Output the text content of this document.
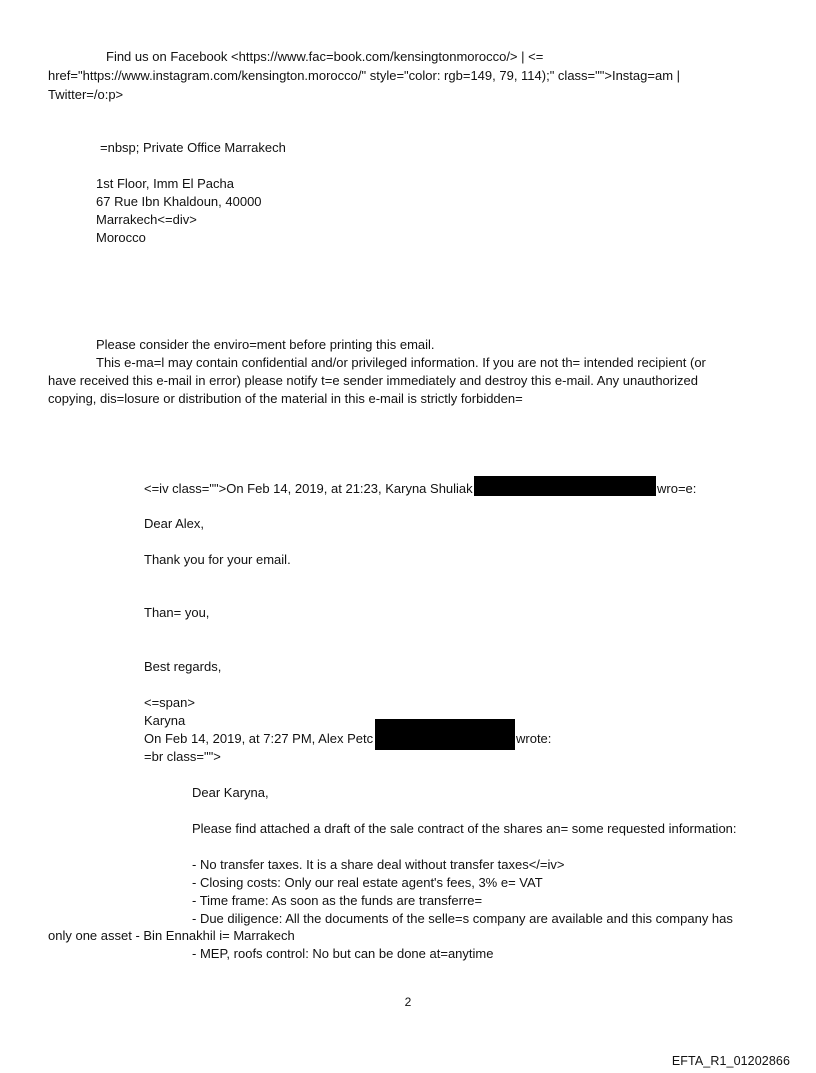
Find us on Facebook <https://www.fac=book.com/kensingtonmorocco/> | <=
href="https://www.instagram.com/kensington.morocco/" style="color: rgb=149, 79, 114);" class="">Instag=am |
Twitter=/o:p>
=nbsp; Private Office Marrakech
1st Floor, Imm El Pacha
67 Rue Ibn Khaldoun, 40000
Marrakech<=div>
Morocco
Please consider the enviro=ment before printing this email.
This e-ma=l may contain confidential and/or privileged information. If you are not th= intended recipient (or
have received this e-mail in error) please notify t=e sender immediately and destroy this e-mail. Any unauthorized
copying, dis=losure or distribution of the material in this e-mail is strictly forbidden=
<=iv class="">On Feb 14, 2019, at 21:23, Karyna Shuliak	wro=e:
Dear Alex,
Thank you for your email.
Than= you,
Best regards,
<=span>
Karyna
On Feb 14, 2019, at 7:27 PM, Alex Petc	wrote:
=br class="">
Dear Karyna,
Please find attached a draft of the sale contract of the shares an= some requested information:
- No transfer taxes. It is a share deal without transfer taxes</=iv>
- Closing costs: Only our real estate agent's fees, 3% e= VAT
- Time frame: As soon as the funds are transferre=
- Due diligence: All the documents of the selle=s company are available and this company has
only one asset - Bin Ennakhil i= Marrakech
- MEP, roofs control: No but can be done at=anytime
2
EFTA_R1_01202866
